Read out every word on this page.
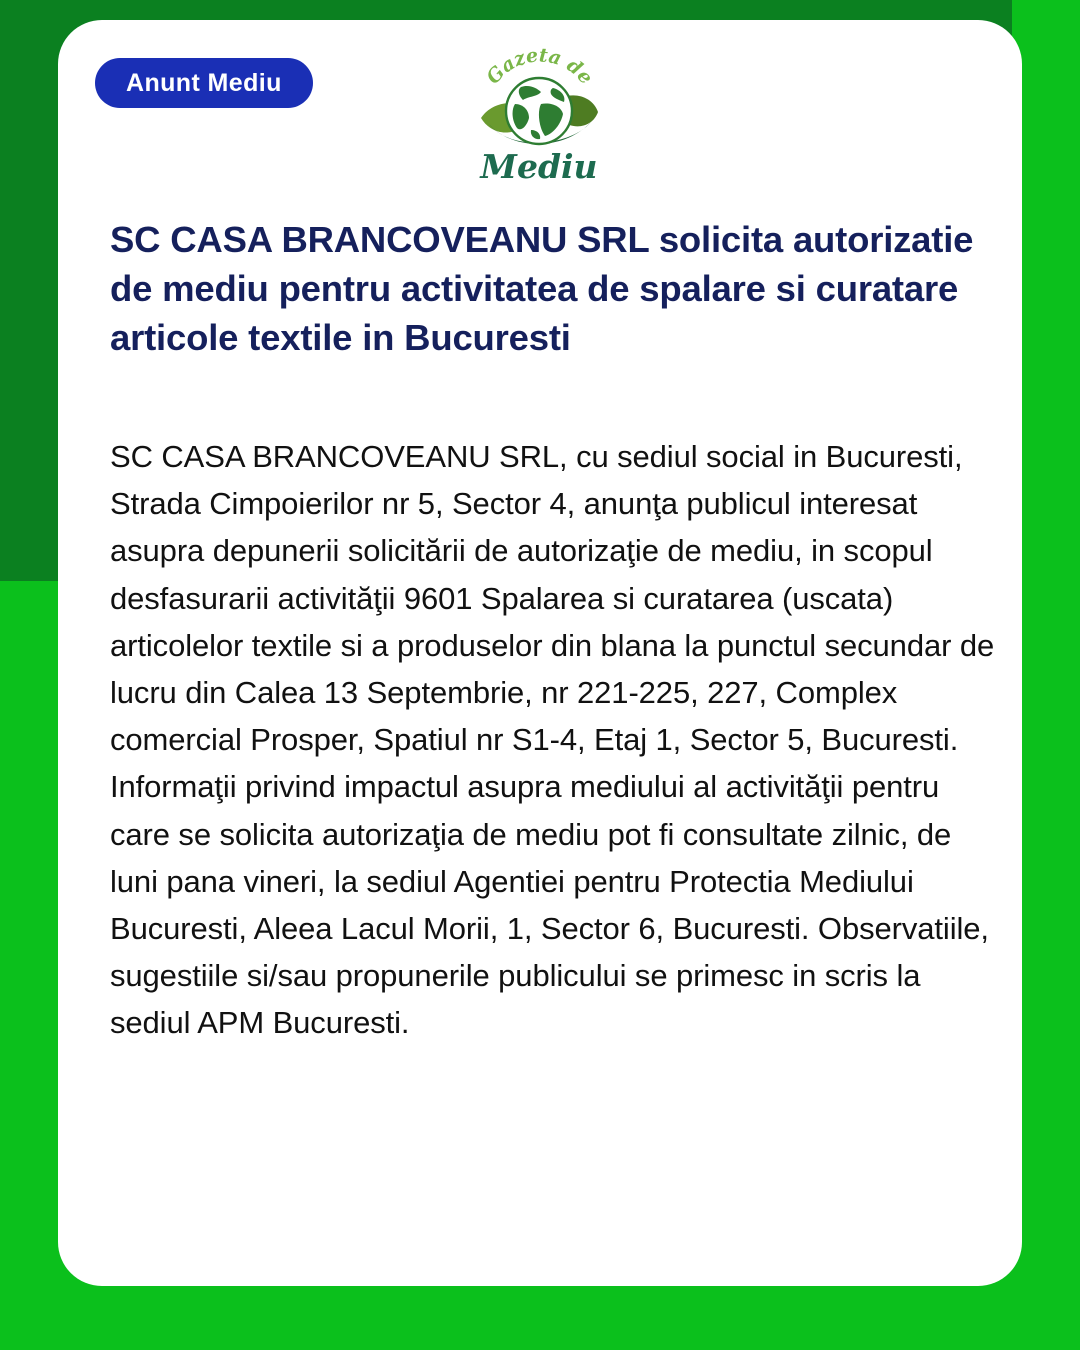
Anunt Mediu	Gazeta de
Mediu
SC CASA BRANCOVEANU SRL solicita autorizatie de mediu pentru activitatea de spalare si curatare articole textile in Bucuresti

SC CASA BRANCOVEANU SRL, cu sediul social in Bucuresti, Strada Cimpoierilor nr 5, Sector 4, anunţa publicul interesat asupra depunerii solicitării de autorizaţie de mediu, in scopul desfasurarii activităţii 9601 Spalarea si curatarea (uscata) articolelor textile si a produselor din blana la punctul secundar de lucru din Calea 13 Septembrie, nr 221-225, 227, Complex comercial Prosper, Spatiul nr S1-4, Etaj 1, Sector 5, Bucuresti. Informaţii privind impactul asupra mediului al activităţii pentru care se solicita autorizaţia de mediu pot fi consultate zilnic, de luni pana vineri, la sediul Agentiei pentru Protectia Mediului Bucuresti, Aleea Lacul Morii, 1, Sector 6, Bucuresti. Observatiile, sugestiile si/sau propunerile publicului se primesc in scris la sediul APM Bucuresti.
